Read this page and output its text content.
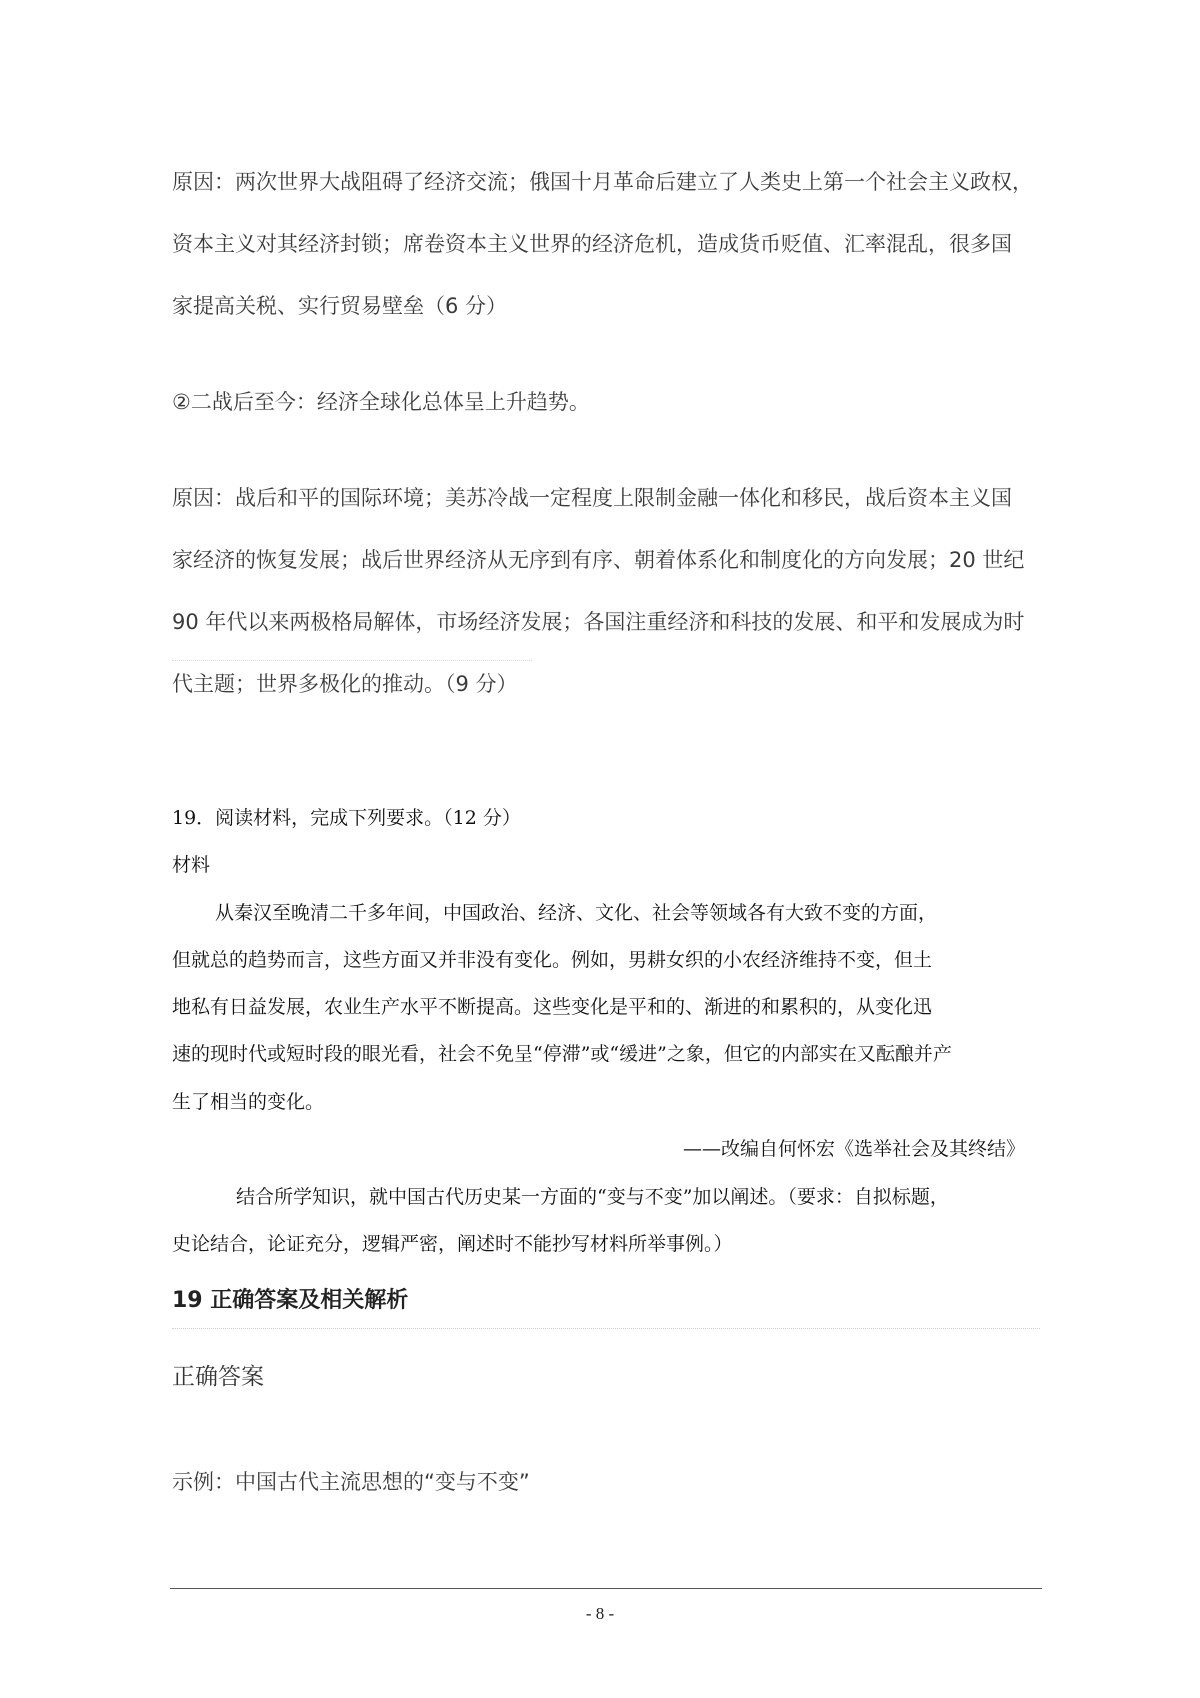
原因：两次世界大战阻碍了经济交流；俄国十月革命后建立了人类史上第一个社会主义政权，
资本主义对其经济封锁；席卷资本主义世界的经济危机，造成货币贬值、汇率混乱，很多国
家提高关税、实行贸易壁垒（6 分）
②二战后至今：经济全球化总体呈上升趋势。
原因：战后和平的国际环境；美苏冷战一定程度上限制金融一体化和移民，战后资本主义国
家经济的恢复发展；战后世界经济从无序到有序、朝着体系化和制度化的方向发展；20 世纪
90 年代以来两极格局解体，市场经济发展；各国注重经济和科技的发展、和平和发展成为时
代主题；世界多极化的推动。（9 分）
19．阅读材料，完成下列要求。（12 分）
材料
从秦汉至晚清二千多年间，中国政治、经济、文化、社会等领域各有大致不变的方面，
但就总的趋势而言，这些方面又并非没有变化。例如，男耕女织的小农经济维持不变，但土
地私有日益发展，农业生产水平不断提高。这些变化是平和的、渐进的和累积的，从变化迅
速的现时代或短时段的眼光看，社会不免呈“停滞”或“缓进”之象，但它的内部实在又酝酿并产
生了相当的变化。
——改编自何怀宏《选举社会及其终结》
结合所学知识，就中国古代历史某一方面的“变与不变”加以阐述。（要求：自拟标题，
史论结合，论证充分，逻辑严密，阐述时不能抄写材料所举事例。）
19 正确答案及相关解析
正确答案
示例：中国古代主流思想的“变与不变”
- 8 -
